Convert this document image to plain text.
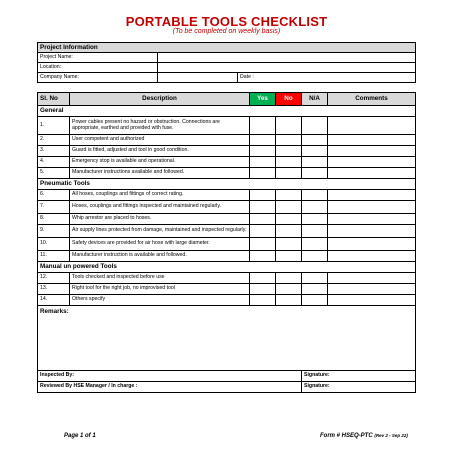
PORTABLE TOOLS CHECKLIST
(To be completed on weekly basis)
Project Information		
Project Name:		
Location:		
Company Name:		Date :
Sl. No	Description	Yes	No	N/A	Comments
General					
1.	Power cables present no hazard or obstruction. Connections are appropriate, earthed and provided with fuse.				
2.	User competent and authorized				
3.	Guard is fitted, adjusted and tool in good condition.				
4.	Emergency stop is available and operational.				
5.	Manufacturer instructions available and followed.				
Pneumatic Tools					
6.	All hoses, couplings and fittings of correct rating.				
7.	Hoses, couplings and fittings inspected and maintained regularly.				
8.	Whip arrestor are placed to hoses.				
9.	Air supply lines protected from damage, maintained and inspected regularly.				
10.	Safety devices are provided for air hose with large diameter.				
11.	Manufacturer instruction is available and followed.				
Manual un powered Tools					
12.	Tools checked and inspected before use				
13.	Right tool for the right job, no improvised tool				
14.	Others specify				
Remarks:					
Inspected By:				Signature:	
Reviewed By HSE Manager / In charge :				Signature:	
Page 1 of 1	Form # HSEQ-PTC (Rev 2 - Sep 22)
